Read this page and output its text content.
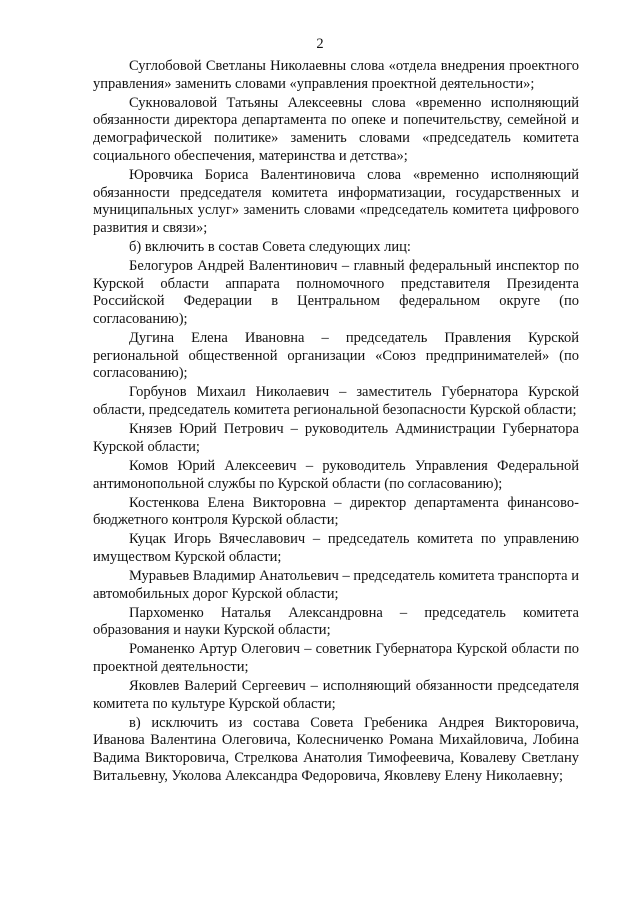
2

Суглобовой Светланы Николаевны слова «отдела внедрения проектного управления» заменить словами «управления проектной деятельности»;

Сукноваловой Татьяны Алексеевны слова «временно исполняющий обязанности директора департамента по опеке и попечительству, семейной и демографической политике» заменить словами «председатель комитета социального обеспечения, материнства и детства»;

Юровчика Бориса Валентиновича слова «временно исполняющий обязанности председателя комитета информатизации, государственных и муниципальных услуг» заменить словами «председатель комитета цифрового развития и связи»;

б) включить в состав Совета следующих лиц:

Белогуров Андрей Валентинович – главный федеральный инспектор по Курской области аппарата полномочного представителя Президента Российской Федерации в Центральном федеральном округе (по согласованию);

Дугина Елена Ивановна – председатель Правления Курской региональной общественной организации «Союз предпринимателей» (по согласованию);

Горбунов Михаил Николаевич – заместитель Губернатора Курской области, председатель комитета региональной безопасности Курской области;

Князев Юрий Петрович – руководитель Администрации Губернатора Курской области;

Комов Юрий Алексеевич – руководитель Управления Федеральной антимонопольной службы по Курской области (по согласованию);

Костенкова Елена Викторовна – директор департамента финансово-бюджетного контроля Курской области;

Куцак Игорь Вячеславович – председатель комитета по управлению имуществом Курской области;

Муравьев Владимир Анатольевич – председатель комитета транспорта и автомобильных дорог Курской области;

Пархоменко Наталья Александровна – председатель комитета образования и науки Курской области;

Романенко Артур Олегович – советник Губернатора Курской области по проектной деятельности;

Яковлев Валерий Сергеевич – исполняющий обязанности председателя комитета по культуре Курской области;

в) исключить из состава Совета Гребеника Андрея Викторовича, Иванова Валентина Олеговича, Колесниченко Романа Михайловича, Лобина Вадима Викторовича, Стрелкова Анатолия Тимофеевича, Ковалеву Светлану Витальевну, Уколова Александра Федоровича, Яковлеву Елену Николаевну;
